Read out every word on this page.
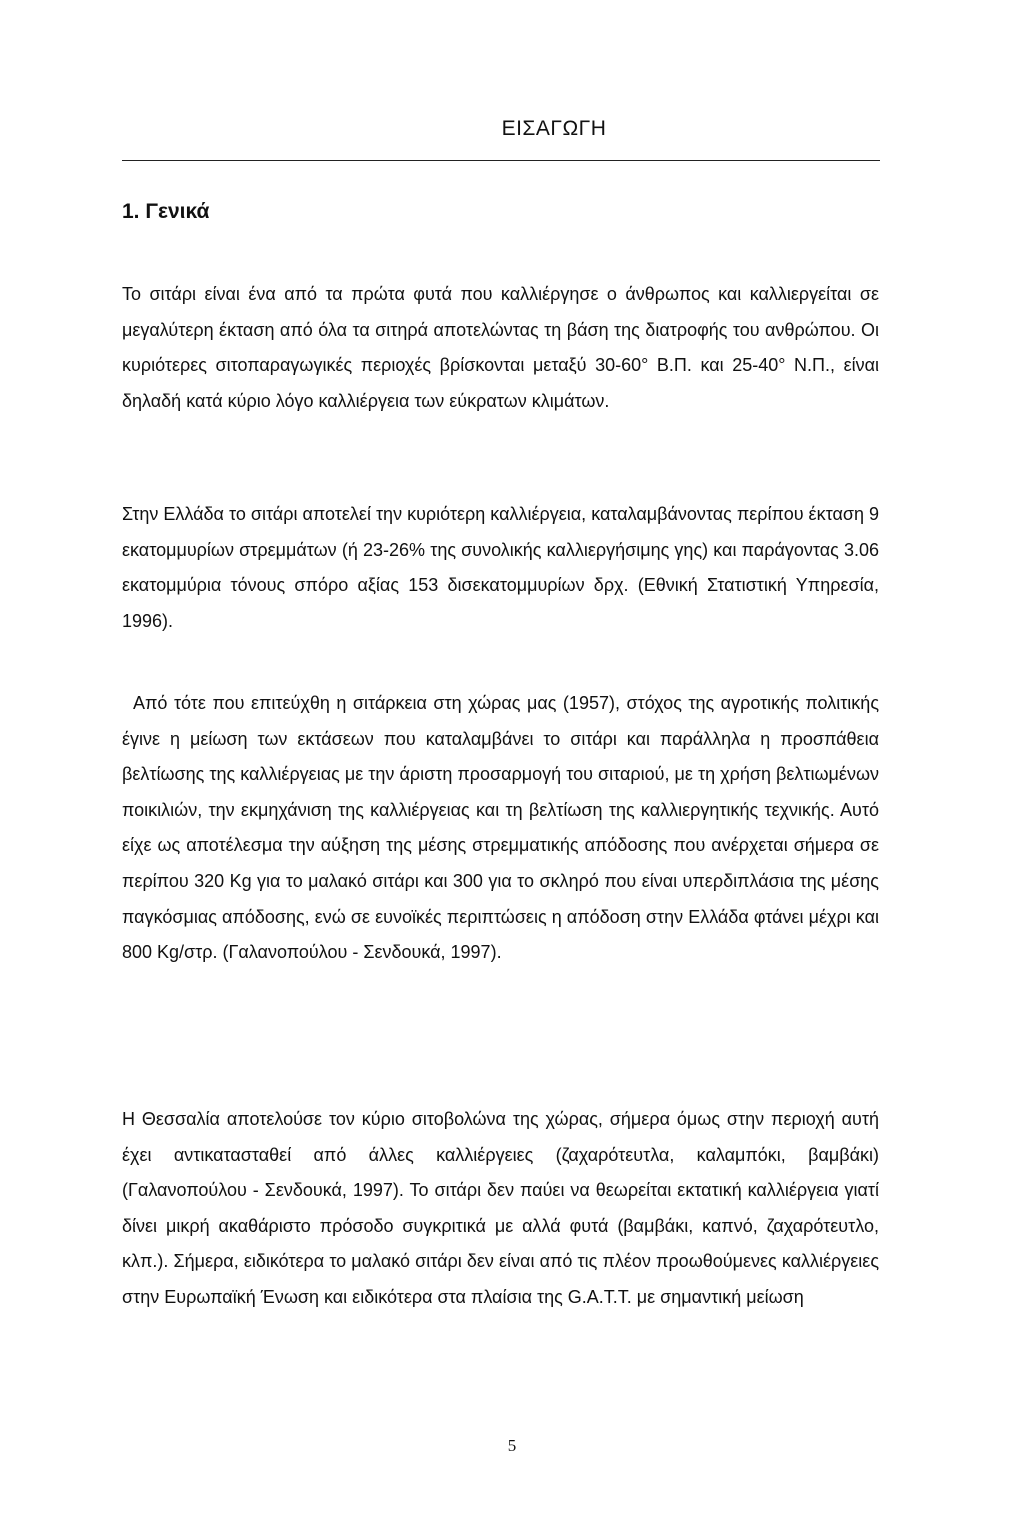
ΕΙΣΑΓΩΓΗ
1. Γενικά

Το σιτάρι είναι ένα από τα πρώτα φυτά που καλλιέργησε ο άνθρωπος και καλλιεργείται σε μεγαλύτερη έκταση από όλα τα σιτηρά αποτελώντας τη βάση της διατροφής του ανθρώπου. Οι κυριότερες σιτοπαραγωγικές περιοχές βρίσκονται μεταξύ 30-60° Β.Π. και 25-40° Ν.Π., είναι δηλαδή κατά κύριο λόγο καλλιέργεια των εύκρατων κλιμάτων.

Στην Ελλάδα το σιτάρι αποτελεί την κυριότερη καλλιέργεια, καταλαμβάνοντας περίπου έκταση 9 εκατομμυρίων στρεμμάτων (ή 23-26% της συνολικής καλλιεργήσιμης γης) και παράγοντας 3.06 εκατομμύρια τόνους σπόρο αξίας 153 δισεκατομμυρίων δρχ. (Εθνική Στατιστική Υπηρεσία, 1996).

Από τότε που επιτεύχθη η σιτάρκεια στη χώρας μας (1957), στόχος της αγροτικής πολιτικής έγινε η μείωση των εκτάσεων που καταλαμβάνει το σιτάρι και παράλληλα η προσπάθεια βελτίωσης της καλλιέργειας με την άριστη προσαρμογή του σιταριού, με τη χρήση βελτιωμένων ποικιλιών, την εκμηχάνιση της καλλιέργειας και τη βελτίωση της καλλιεργητικής τεχνικής. Αυτό είχε ως αποτέλεσμα την αύξηση της μέσης στρεμματικής απόδοσης που ανέρχεται σήμερα σε περίπου 320 Kg για το μαλακό σιτάρι και 300 για το σκληρό που είναι υπερδιπλάσια της μέσης παγκόσμιας απόδοσης, ενώ σε ευνοϊκές περιπτώσεις η απόδοση στην Ελλάδα φτάνει μέχρι και 800 Kg/στρ. (Γαλανοπούλου - Σενδουκά, 1997).

Η Θεσσαλία αποτελούσε τον κύριο σιτοβολώνα της χώρας, σήμερα όμως στην περιοχή αυτή έχει αντικατασταθεί από άλλες καλλιέργειες (ζαχαρότευτλα, καλαμπόκι, βαμβάκι) (Γαλανοπούλου - Σενδουκά, 1997). Το σιτάρι δεν παύει να θεωρείται εκτατική καλλιέργεια γιατί δίνει μικρή ακαθάριστο πρόσοδο συγκριτικά με αλλά φυτά (βαμβάκι, καπνό, ζαχαρότευτλο, κλπ.). Σήμερα, ειδικότερα το μαλακό σιτάρι δεν είναι από τις πλέον προωθούμενες καλλιέργειες στην Ευρωπαϊκή Ένωση και ειδικότερα στα πλαίσια της G.A.T.T. με σημαντική μείωση

5
